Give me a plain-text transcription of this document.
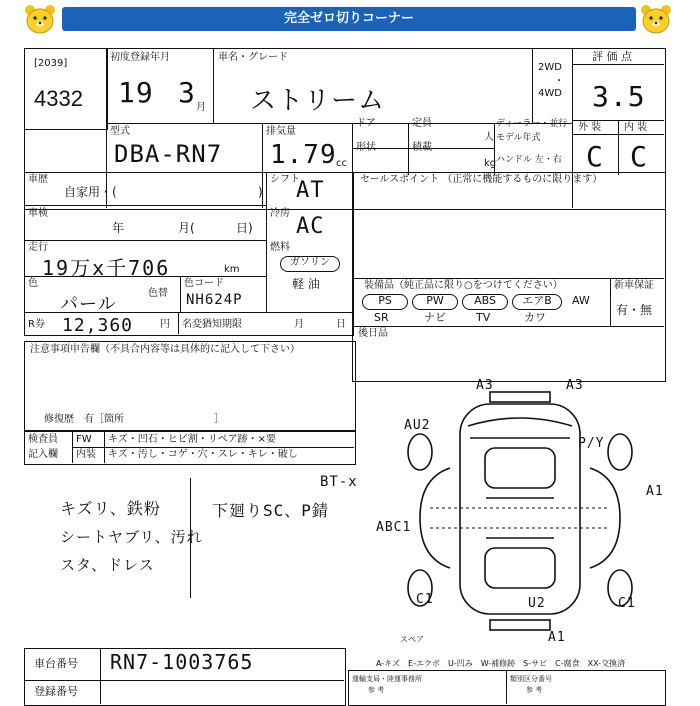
完全ゼロ切りコーナー
[2039]
4332
初度登録年月
19 3 月
車名・グレード
ストリーム
2WD
・
4WD
評 価 点
3.5
型式
DBA-RN7
排気量
1.79 cc
ドア	定員
人
ディーラー・並行
モデル年式
形状	積載
kg ハンドル 左・右
外 装 内 装
C C
車歴
自家用・(	)
車検
年	月(	日)
走行
19万x千706	km
色
パール
色替
色コード
NH624P
R券 12,360	円 名変猶知期限	月	日
シフト
AT
冷房
AC
燃料
ガソリン
軽 油
セールスポイント （正常に機能するものに限ります）
装備品（純正品に限り○をつけてください）	新車保証
有・無
PS	PW	ABS	エアB	AW
SR	ナビ	TV	カワ
後日品
注意事項申告欄（不具合内容等は具体的に記入して下さい）
修復歴　有［箇所　　　　　　　　　］
検査員
記入欄
FW
内装
キズ・凹石・ヒビ割・リペア跡・×要
キズ・汚し・コゲ・穴・スレ・キレ・破し
キズリ、鉄粉
シートヤブリ、汚れ
スタ、ドレス
BT-x
下廻りSC、P錆
A3	A3
AU2
P/Y
A1
ABC1
C1	U2	C1
A1
スペア
A-キズ　E-エクボ　U-凹み　W-補修跡　S-サビ　C-腐食　XX-交換済
車台番号 RN7-1003765
登録番号
運輸支局・陸運事務所
参 考
類別区分番号
参 考
